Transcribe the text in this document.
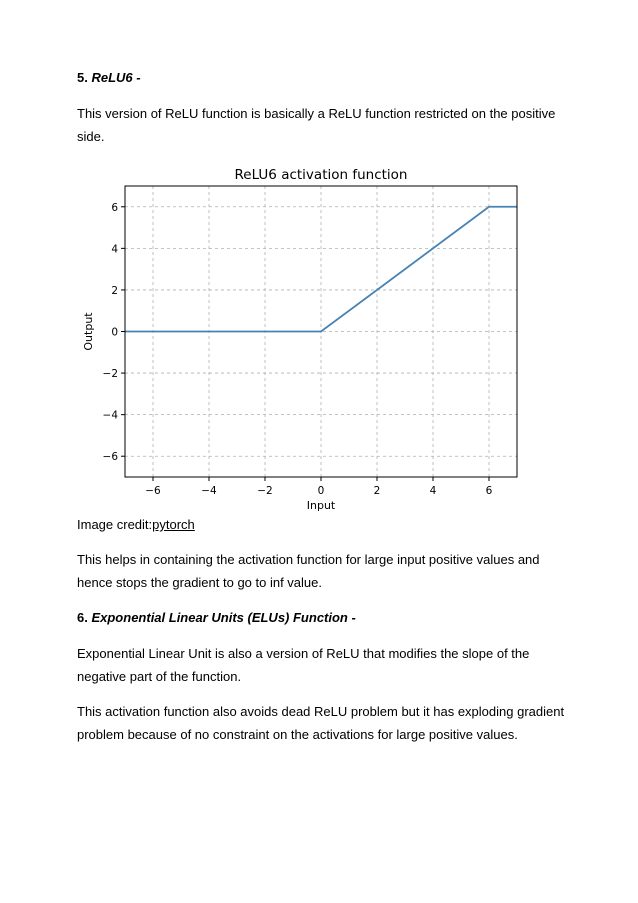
5. ReLU6 -
This version of ReLU function is basically a ReLU function restricted on the positive
side.
ReLU6 activation function
−6	−4	−2	0	2	4	6
−6
−4
−2
0
2
4
6
Input
Output
Image credit:pytorch
This helps in containing the activation function for large input positive values and
hence stops the gradient to go to inf value.
6. Exponential Linear Units (ELUs) Function -
Exponential Linear Unit is also a version of ReLU that modifies the slope of the
negative part of the function.
This activation function also avoids dead ReLU problem but it has exploding gradient
problem because of no constraint on the activations for large positive values.
